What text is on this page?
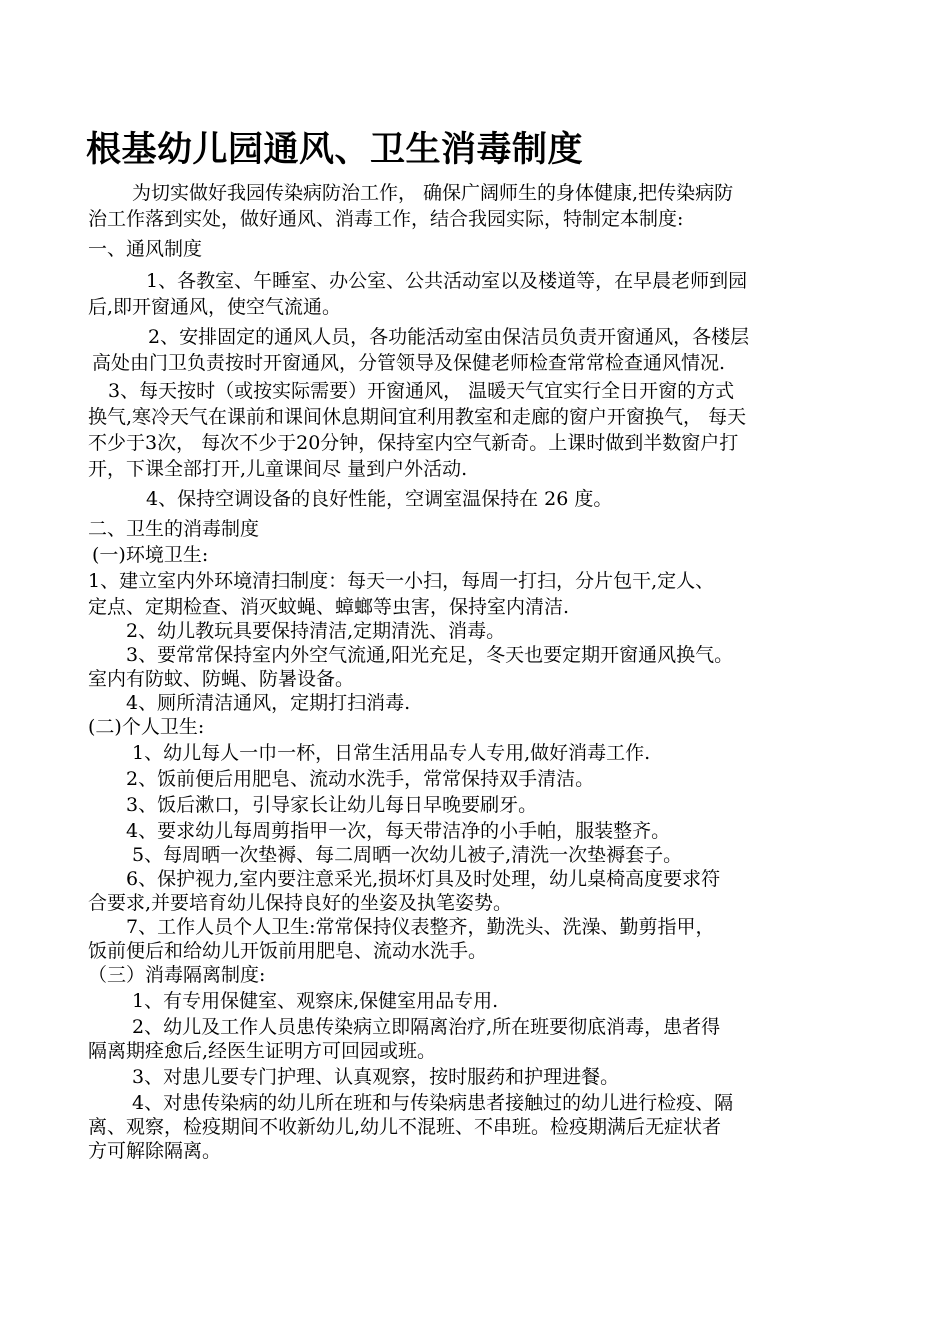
根基幼儿园通风、卫生消毒制度

为切实做好我园传染病防治工作， 确保广阔师生的身体健康,把传染病防

治工作落到实处，做好通风、消毒工作，结合我园实际，特制定本制度:

一、通风制度

1、各教室、午睡室、办公室、公共活动室以及楼道等，在早晨老师到园

后,即开窗通风，使空气流通。

2、安排固定的通风人员，各功能活动室由保洁员负责开窗通风，各楼层

高处由门卫负责按时开窗通风，分管领导及保健老师检查常常检查通风情况.

3、每天按时（或按实际需要）开窗通风， 温暖天气宜实行全日开窗的方式

换气,寒冷天气在课前和课间休息期间宜利用教室和走廊的窗户开窗换气， 每天

不少于3次， 每次不少于20分钟，保持室内空气新奇。上课时做到半数窗户打

开，下课全部打开,儿童课间尽 量到户外活动.

4、保持空调设备的良好性能，空调室温保持在 26 度。

二、卫生的消毒制度

(一)环境卫生:

1、建立室内外环境清扫制度：每天一小扫，每周一打扫，分片包干,定人、

定点、定期检查、消灭蚊蝇、蟑螂等虫害，保持室内清洁.

2、幼儿教玩具要保持清洁,定期清洗、消毒。

3、要常常保持室内外空气流通,阳光充足，冬天也要定期开窗通风换气。

室内有防蚊、防蝇、防暑设备。

4、厕所清洁通风，定期打扫消毒.

(二)个人卫生:

1、幼儿每人一巾一杯，日常生活用品专人专用,做好消毒工作.

2、饭前便后用肥皂、流动水洗手，常常保持双手清洁。

3、饭后漱口，引导家长让幼儿每日早晚要刷牙。

4、要求幼儿每周剪指甲一次，每天带洁净的小手帕，服装整齐。

5、每周晒一次垫褥、每二周晒一次幼儿被子,清洗一次垫褥套子。

6、保护视力,室内要注意采光,损坏灯具及时处理，幼儿桌椅高度要求符

合要求,并要培育幼儿保持良好的坐姿及执笔姿势。

7、工作人员个人卫生:常常保持仪表整齐，勤洗头、洗澡、勤剪指甲，

饭前便后和给幼儿开饭前用肥皂、流动水洗手。

（三）消毒隔离制度:

1、有专用保健室、观察床,保健室用品专用.

2、幼儿及工作人员患传染病立即隔离治疗,所在班要彻底消毒，患者得

隔离期痊愈后,经医生证明方可回园或班。

3、对患儿要专门护理、认真观察，按时服药和护理进餐。

4、对患传染病的幼儿所在班和与传染病患者接触过的幼儿进行检疫、隔

离、观察，检疫期间不收新幼儿,幼儿不混班、不串班。检疫期满后无症状者

方可解除隔离。
